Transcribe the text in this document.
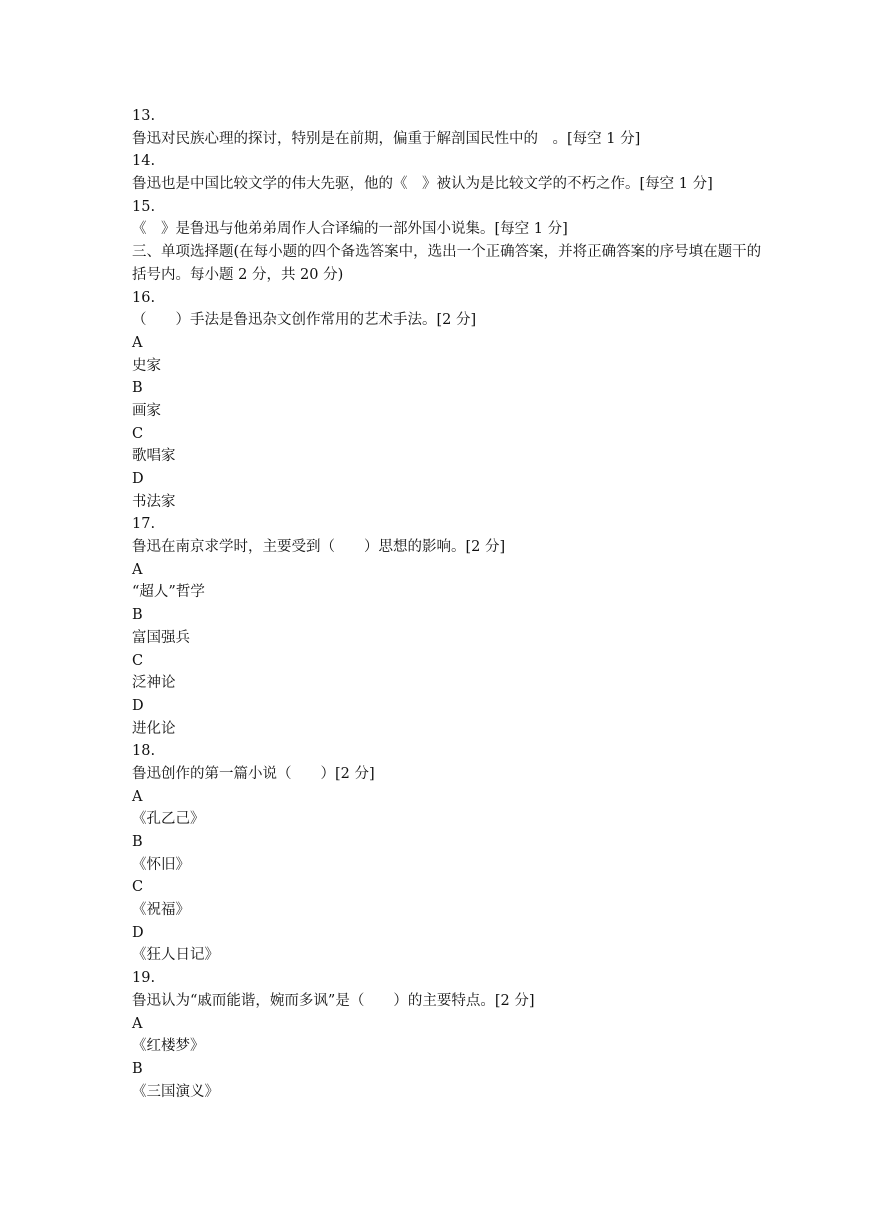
13.
鲁迅对民族心理的探讨，特别是在前期，偏重于解剖国民性中的　。[每空 1 分]
14.
鲁迅也是中国比较文学的伟大先驱，他的《　》被认为是比较文学的不朽之作。[每空 1 分]
15.
《　》是鲁迅与他弟弟周作人合译编的一部外国小说集。[每空 1 分]
三、单项选择题(在每小题的四个备选答案中，选出一个正确答案，并将正确答案的序号填在题干的括号内。每小题 2 分，共 20 分)
16.
（　　）手法是鲁迅杂文创作常用的艺术手法。[2 分]
A
史家
B
画家
C
歌唱家
D
书法家
17.
鲁迅在南京求学时，主要受到（　　）思想的影响。[2 分]
A
“超人”哲学
B
富国强兵
C
泛神论
D
进化论
18.
鲁迅创作的第一篇小说（　　）[2 分]
A
《孔乙己》
B
《怀旧》
C
《祝福》
D
《狂人日记》
19.
鲁迅认为“戚而能谐，婉而多讽”是（　　）的主要特点。[2 分]
A
《红楼梦》
B
《三国演义》
